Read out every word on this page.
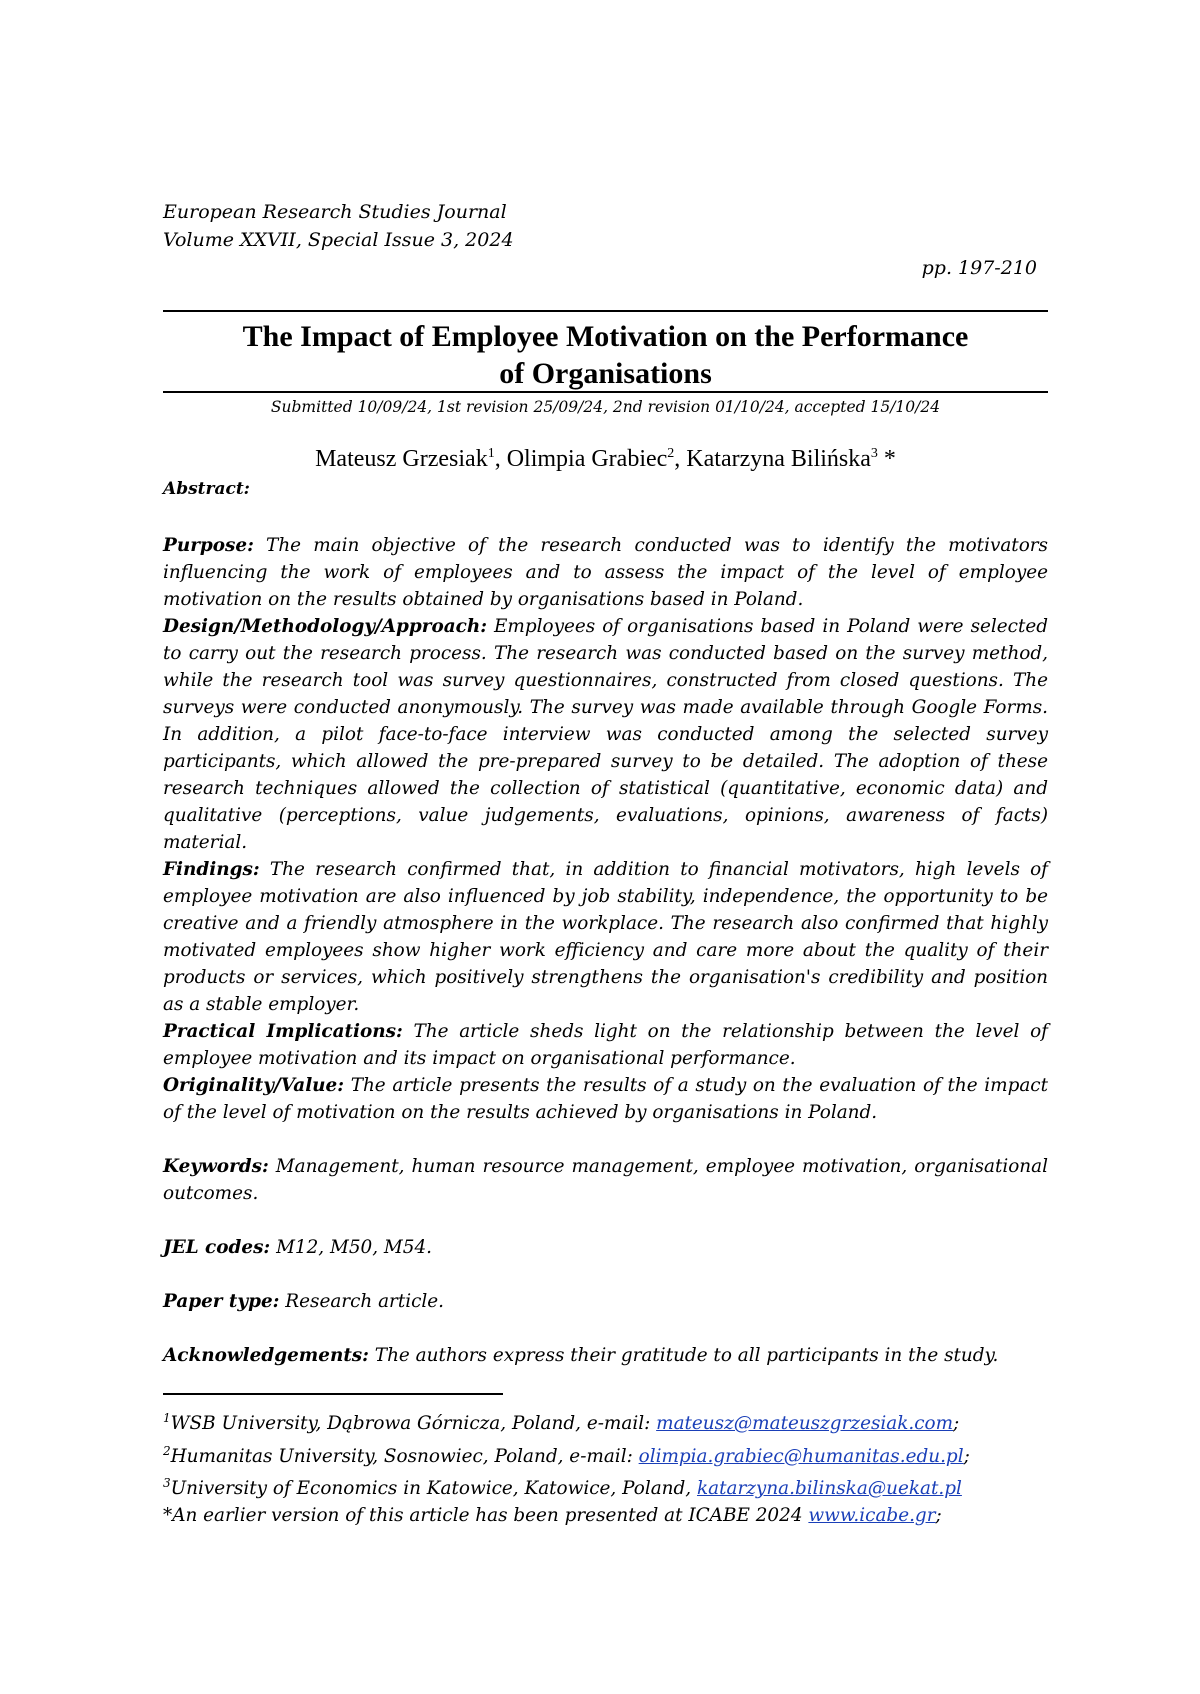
European Research Studies Journal
Volume XXVII, Special Issue 3, 2024
pp. 197-210
The Impact of Employee Motivation on the Performance
of Organisations
Submitted 10/09/24, 1st revision 25/09/24, 2nd revision 01/10/24, accepted 15/10/24
Mateusz Grzesiak$^1$, Olimpia Grabiec$^2$, Katarzyna Bilińska$^3$ *
Abstract:

Purpose: The main objective of the research conducted was to identify the motivators influencing the work of employees and to assess the impact of the level of employee motivation on the results obtained by organisations based in Poland.

Design/Methodology/Approach: Employees of organisations based in Poland were selected to carry out the research process. The research was conducted based on the survey method, while the research tool was survey questionnaires, constructed from closed questions. The surveys were conducted anonymously. The survey was made available through Google Forms. In addition, a pilot face-to-face interview was conducted among the selected survey participants, which allowed the pre-prepared survey to be detailed. The adoption of these research techniques allowed the collection of statistical (quantitative, economic data) and qualitative (perceptions, value judgements, evaluations, opinions, awareness of facts) material.

Findings: The research confirmed that, in addition to financial motivators, high levels of employee motivation are also influenced by job stability, independence, the opportunity to be creative and a friendly atmosphere in the workplace. The research also confirmed that highly motivated employees show higher work efficiency and care more about the quality of their products or services, which positively strengthens the organisation's credibility and position as a stable employer.

Practical Implications: The article sheds light on the relationship between the level of employee motivation and its impact on organisational performance.

Originality/Value: The article presents the results of a study on the evaluation of the impact of the level of motivation on the results achieved by organisations in Poland.

Keywords: Management, human resource management, employee motivation, organisational outcomes.

JEL codes: M12, M50, M54.

Paper type: Research article.

Acknowledgements: The authors express their gratitude to all participants in the study.

$^1$WSB University, Dąbrowa Górnicza, Poland, e-mail: mateusz@mateuszgrzesiak.com;
$^2$Humanitas University, Sosnowiec, Poland, e-mail: olimpia.grabiec@humanitas.edu.pl;
$^3$University of Economics in Katowice, Katowice, Poland, katarzyna.bilinska@uekat.pl
*An earlier version of this article has been presented at ICABE 2024 www.icabe.gr;
